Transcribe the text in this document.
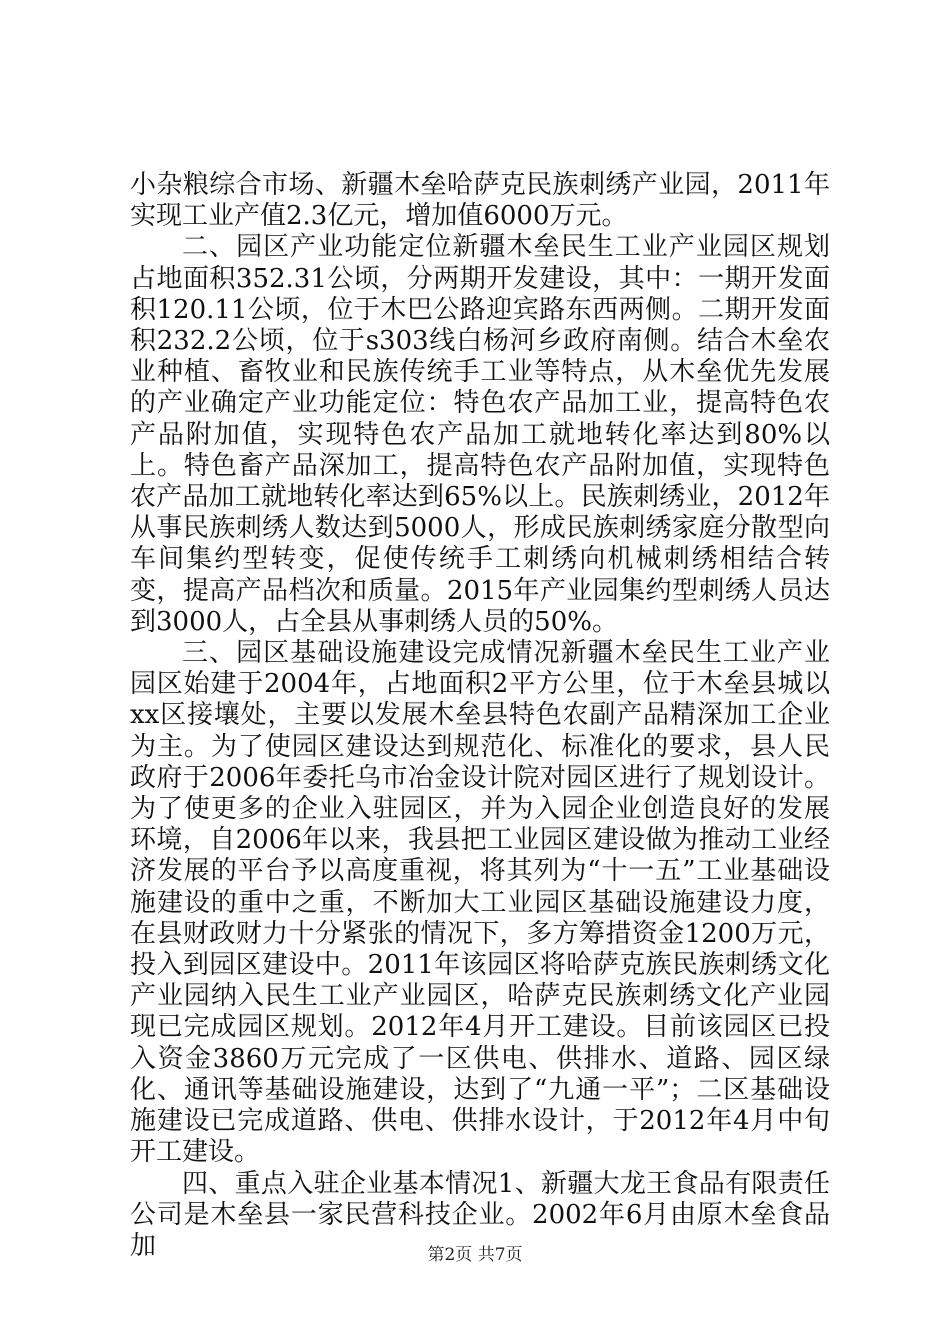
小杂粮综合市场、新疆木垒哈萨克民族刺绣产业园，2011年实现工业产值2.3亿元，增加值6000万元。

二、园区产业功能定位新疆木垒民生工业产业园区规划占地面积352.31公顷，分两期开发建设，其中：一期开发面积120.11公顷，位于木巴公路迎宾路东西两侧。二期开发面积232.2公顷，位于s303线白杨河乡政府南侧。结合木垒农业种植、畜牧业和民族传统手工业等特点，从木垒优先发展的产业确定产业功能定位：特色农产品加工业，提高特色农产品附加值，实现特色农产品加工就地转化率达到80%以上。特色畜产品深加工，提高特色农产品附加值，实现特色农产品加工就地转化率达到65%以上。民族刺绣业，2012年从事民族刺绣人数达到5000人，形成民族刺绣家庭分散型向车间集约型转变，促使传统手工刺绣向机械刺绣相结合转变，提高产品档次和质量。2015年产业园集约型刺绣人员达到3000人，占全县从事刺绣人员的50%。

三、园区基础设施建设完成情况新疆木垒民生工业产业园区始建于2004年，占地面积2平方公里，位于木垒县城以xx区接壤处，主要以发展木垒县特色农副产品精深加工企业为主。为了使园区建设达到规范化、标准化的要求，县人民政府于2006年委托乌市冶金设计院对园区进行了规划设计。为了使更多的企业入驻园区，并为入园企业创造良好的发展环境，自2006年以来，我县把工业园区建设做为推动工业经济发展的平台予以高度重视，将其列为“十一五”工业基础设施建设的重中之重，不断加大工业园区基础设施建设力度，在县财政财力十分紧张的情况下，多方筹措资金1200万元，投入到园区建设中。2011年该园区将哈萨克族民族刺绣文化产业园纳入民生工业产业园区，哈萨克民族刺绣文化产业园现已完成园区规划。2012年4月开工建设。目前该园区已投入资金3860万元完成了一区供电、供排水、道路、园区绿化、通讯等基础设施建设，达到了“九通一平”；二区基础设施建设已完成道路、供电、供排水设计，于2012年4月中旬开工建设。

四、重点入驻企业基本情况1、新疆大龙王食品有限责任公司是木垒县一家民营科技企业。2002年6月由原木垒食品加	第2页 共7页
